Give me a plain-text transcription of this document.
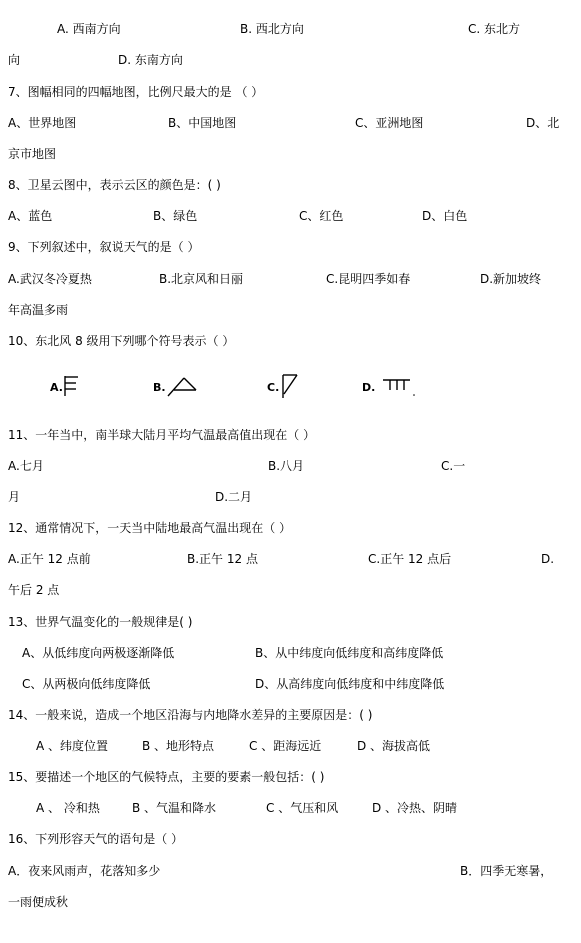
A. 西南方向	B. 西北方向	C. 东北方
向	D. 东南方向
7、图幅相同的四幅地图，比例尺最大的是 （ ）
A、世界地图	B、中国地图	C、亚洲地图	D、北
京市地图
8、卫星云图中，表示云区的颜色是：( )
A、蓝色	B、绿色	C、红色	D、白色
9、下列叙述中，叙说天气的是（ ）
A.武汉冬冷夏热	B.北京风和日丽	C.昆明四季如春	D.新加坡终
年高温多雨
10、东北风 8 级用下列哪个符号表示（ ）
A.	B.	C.	D.
11、一年当中，南半球大陆月平均气温最高值出现在（ ）
A.七月	B.八月	C.一
月	D.二月
12、通常情况下，一天当中陆地最高气温出现在（ ）
A.正午 12 点前	B.正午 12 点	C.正午 12 点后	D.
午后 2 点
13、世界气温变化的一般规律是( )
A、从低纬度向两极逐渐降低	B、从中纬度向低纬度和高纬度降低
C、从两极向低纬度降低	D、从高纬度向低纬度和中纬度降低
14、一般来说，造成一个地区沿海与内地降水差异的主要原因是：( )
A 、纬度位置	B 、地形特点	C 、距海远近	D 、海拔高低
15、要描述一个地区的气候特点，主要的要素一般包括：( )
A 、 冷和热	B 、气温和降水	C 、气压和风	D 、冷热、阴晴
16、下列形容天气的语句是（ ）
A．夜来风雨声，花落知多少	B．四季无寒暑，
一雨便成秋
